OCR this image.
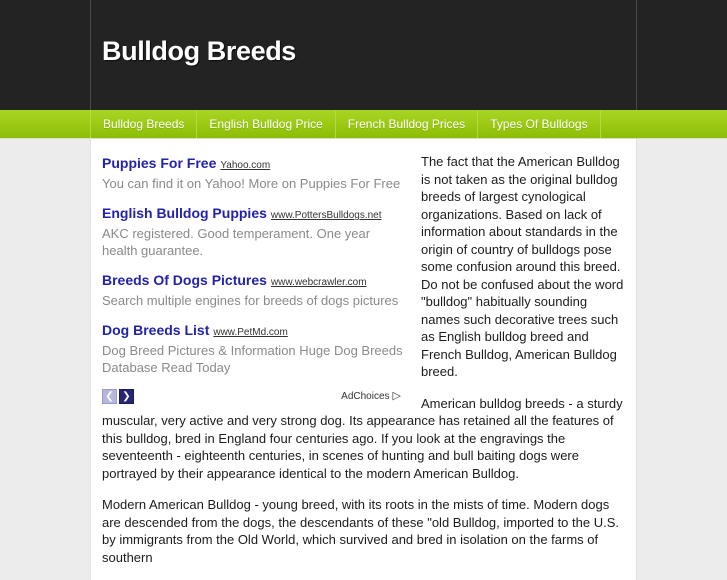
Bulldog Breeds
Bulldog Breeds	English Bulldog Price	French Bulldog Prices	Types Of Bulldogs
Puppies For Free Yahoo.com
You can find it on Yahoo! More on Puppies For Free
English Bulldog Puppies www.PottersBulldogs.net
AKC registered. Good temperament. One year health guarantee.
Breeds Of Dogs Pictures www.webcrawler.com
Search multiple engines for breeds of dogs pictures
Dog Breeds List www.PetMd.com
Dog Breed Pictures & Information Huge Dog Breeds Database Read Today
❮ ❯	AdChoices ▷

The fact that the American Bulldog is not taken as the original bulldog breeds of largest cynological organizations. Based on lack of information about standards in the origin of country of bulldogs pose some confusion around this breed. Do not be confused about the word "bulldog" habitually sounding names such decorative trees such as English bulldog breed and French Bulldog, American Bulldog breed.

American bulldog breeds - a sturdy muscular, very active and very strong dog. Its appearance has retained all the features of this bulldog, bred in England four centuries ago. If you look at the engravings the seventeenth - eighteenth centuries, in scenes of hunting and bull baiting dogs were portrayed by their appearance identical to the modern American Bulldog.

Modern American Bulldog - young breed, with its roots in the mists of time. Modern dogs are descended from the dogs, the descendants of these "old Bulldog, imported to the U.S. by immigrants from the Old World, which survived and bred in isolation on the farms of southern
